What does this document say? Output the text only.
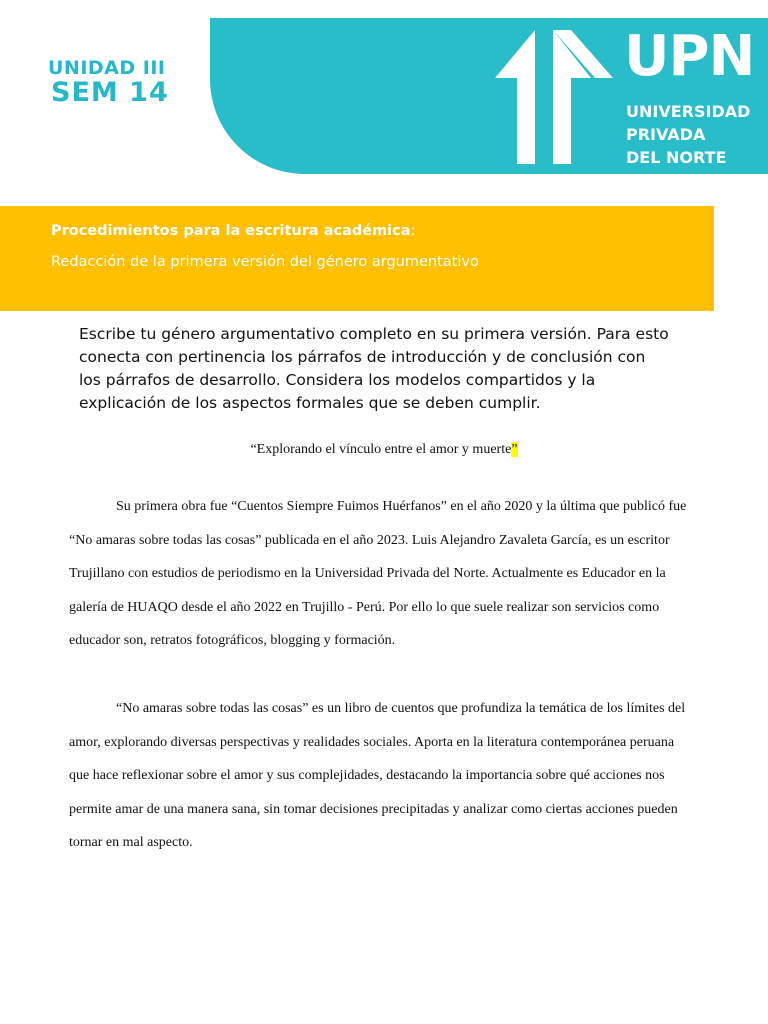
UNIDAD III
SEM 14
UPN
UNIVERSIDAD
PRIVADA
DEL NORTE
Procedimientos para la escritura académica:
Redacción de la primera versión del género argumentativo
Escribe tu género argumentativo completo en su primera versión. Para esto conecta con pertinencia los párrafos de introducción y de conclusión con los párrafos de desarrollo. Considera los modelos compartidos y la explicación de los aspectos formales que se deben cumplir.
“Explorando el vínculo entre el amor y muerte”

Su primera obra fue “Cuentos Siempre Fuimos Huérfanos” en el año 2020 y la última que publicó fue “No amaras sobre todas las cosas” publicada en el año 2023. Luis Alejandro Zavaleta García, es un escritor Trujillano con estudios de periodismo en la Universidad Privada del Norte. Actualmente es Educador en la galería de HUAQO desde el año 2022 en Trujillo - Perú. Por ello lo que suele realizar son servicios como educador son, retratos fotográficos, blogging y formación.

“No amaras sobre todas las cosas” es un libro de cuentos que profundiza la temática de los límites del amor, explorando diversas perspectivas y realidades sociales. Aporta en la literatura contemporánea peruana que hace reflexionar sobre el amor y sus complejidades, destacando la importancia sobre qué acciones nos permite amar de una manera sana, sin tomar decisiones precipitadas y analizar como ciertas acciones pueden tornar en mal aspecto.
